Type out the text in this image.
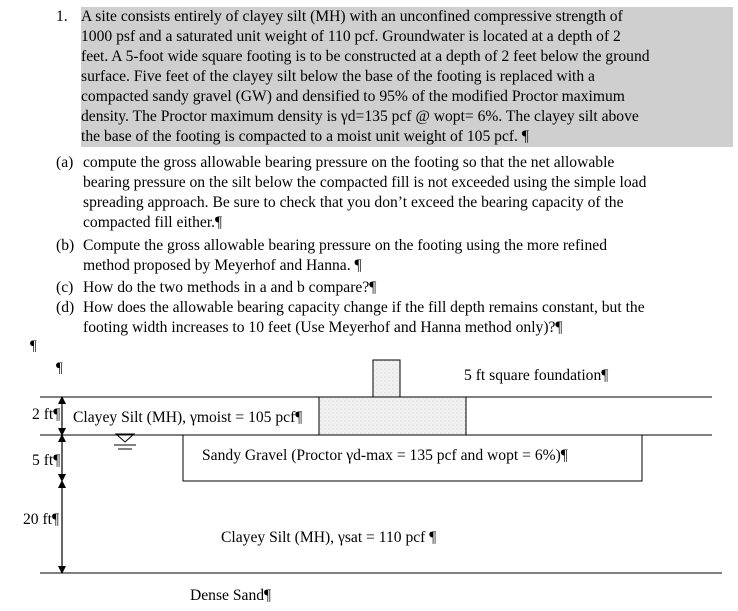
1. A site consists entirely of clayey silt (MH) with an unconfined compressive strength of
1000 psf and a saturated unit weight of 110 pcf. Groundwater is located at a depth of 2
feet. A 5-foot wide square footing is to be constructed at a depth of 2 feet below the ground
surface. Five feet of the clayey silt below the base of the footing is replaced with a
compacted sandy gravel (GW) and densified to 95% of the modified Proctor maximum
density. The Proctor maximum density is γd=135 pcf @ wopt= 6%. The clayey silt above
the base of the footing is compacted to a moist unit weight of 105 pcf. ¶
(a) compute the gross allowable bearing pressure on the footing so that the net allowable
bearing pressure on the silt below the compacted fill is not exceeded using the simple load
spreading approach. Be sure to check that you don’t exceed the bearing capacity of the
compacted fill either.¶
(b) Compute the gross allowable bearing pressure on the footing using the more refined
method proposed by Meyerhof and Hanna. ¶
(c) How do the two methods in a and b compare?¶
(d) How does the allowable bearing capacity change if the fill depth remains constant, but the
footing width increases to 10 feet (Use Meyerhof and Hanna method only)?¶
¶
¶	5 ft square foundation¶
2 ft¶
5 ft¶
20 ft¶
Clayey Silt (MH), γmoist = 105 pcf¶
Sandy Gravel (Proctor γd-max = 135 pcf and wopt = 6%)¶
Clayey Silt (MH), γsat = 110 pcf ¶
Dense Sand¶
